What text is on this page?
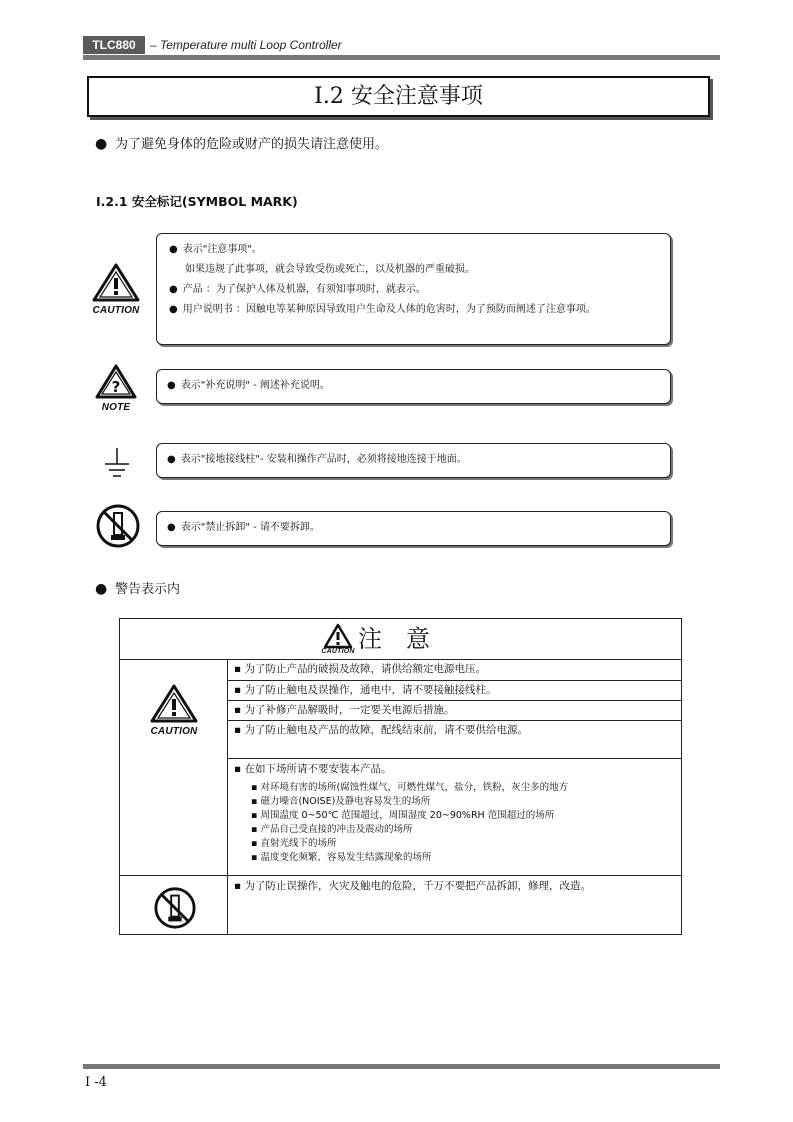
TLC880	– Temperature multi Loop Controller
Ⅰ.2 安全注意事项
● 为了避免身体的危险或财产的损失请注意使用。
Ⅰ.2.1 安全标记(SYMBOL MARK)
CAUTION
● 表示"注意事项"。
如果违规了此事项，就会导致受伤或死亡，以及机器的严重破损。
● 产品 ：为了保护人体及机器，有须知事项时，就表示。
● 用户说明书 ：因触电等某种原因导致用户生命及人体的危害时，为了预防而阐述了注意事项。
?
NOTE
● 表示"补充说明" - 阐述补充说明。
● 表示"接地接线柱"- 安装和操作产品时，必须将接地连接于地面。
● 表示"禁止拆卸" - 请不要拆卸。
● 警告表示内
CAUTION 注　意
CAUTION
▪ 为了防止产品的破损及故障，请供给额定电源电压。
▪ 为了防止触电及误操作，通电中，请不要接触接线柱。
▪ 为了补修产品解吸时，一定要关电源后措施。
▪ 为了防止触电及产品的故障，配线结束前，请不要供给电源。
▪ 在如下场所请不要安装本产品。
▪ 对环境有害的场所(腐蚀性煤气，可燃性煤气，盐分，铁粉，灰尘多的地方
▪ 磁力噪音(NOISE)及静电容易发生的场所
▪ 周围温度 0~50℃ 范围超过，周围湿度 20~90%RH 范围超过的场所
▪ 产品自己受直接的冲击及震动的场所
▪ 直射光线下的场所
▪ 温度变化频繁，容易发生结露现象的场所
▪ 为了防止误操作，火灾及触电的危险，千万不要把产品拆卸，修理，改造。
Ⅰ -4
